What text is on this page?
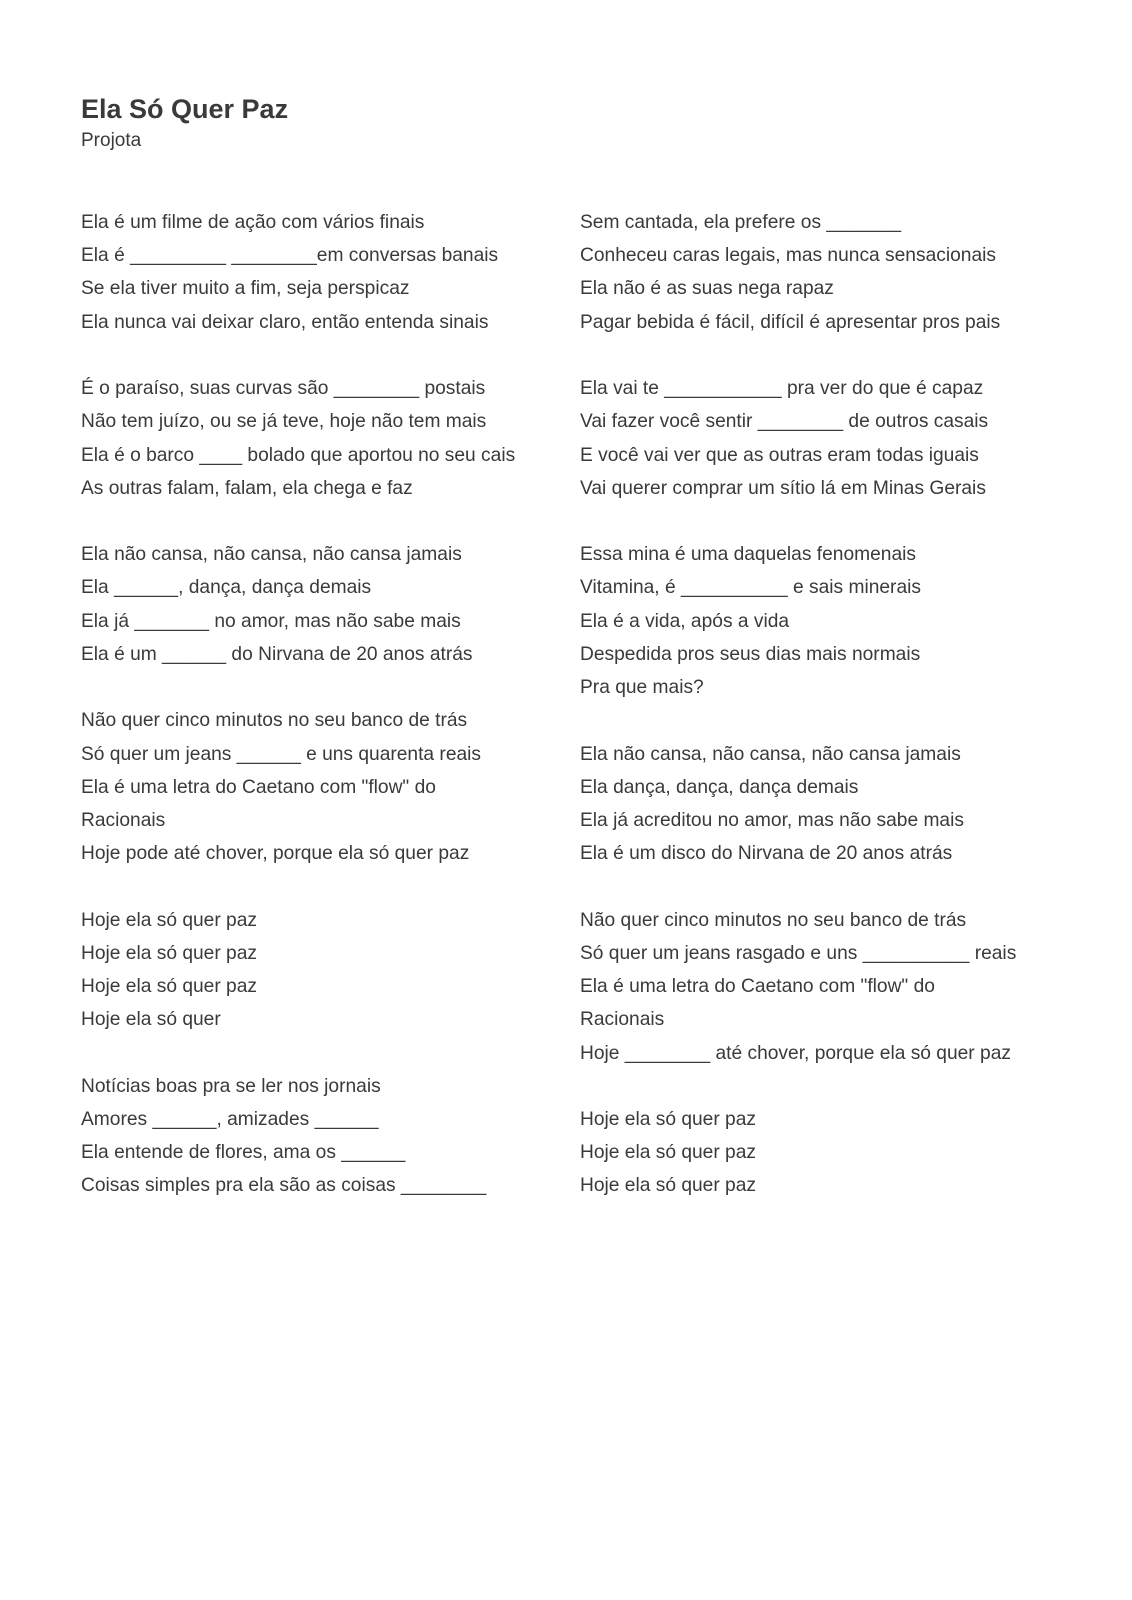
Ela Só Quer Paz
Projota
Ela é um filme de ação com vários finais
Ela é _________ ________em conversas banais
Se ela tiver muito a fim, seja perspicaz
Ela nunca vai deixar claro, então entenda sinais
É o paraíso, suas curvas são ________ postais
Não tem juízo, ou se já teve, hoje não tem mais
Ela é o barco ____ bolado que aportou no seu cais
As outras falam, falam, ela chega e faz
Ela não cansa, não cansa, não cansa jamais
Ela ______, dança, dança demais
Ela já _______ no amor, mas não sabe mais
Ela é um ______ do Nirvana de 20 anos atrás
Não quer cinco minutos no seu banco de trás
Só quer um jeans ______ e uns quarenta reais
Ela é uma letra do Caetano com "flow" do
Racionais
Hoje pode até chover, porque ela só quer paz
Hoje ela só quer paz
Hoje ela só quer paz
Hoje ela só quer paz
Hoje ela só quer
Notícias boas pra se ler nos jornais
Amores ______, amizades ______
Ela entende de flores, ama os ______
Coisas simples pra ela são as coisas ________
Sem cantada, ela prefere os _______
Conheceu caras legais, mas nunca sensacionais
Ela não é as suas nega rapaz
Pagar bebida é fácil, difícil é apresentar pros pais
Ela vai te ___________ pra ver do que é capaz
Vai fazer você sentir ________ de outros casais
E você vai ver que as outras eram todas iguais
Vai querer comprar um sítio lá em Minas Gerais
Essa mina é uma daquelas fenomenais
Vitamina, é __________ e sais minerais
Ela é a vida, após a vida
Despedida pros seus dias mais normais
Pra que mais?
Ela não cansa, não cansa, não cansa jamais
Ela dança, dança, dança demais
Ela já acreditou no amor, mas não sabe mais
Ela é um disco do Nirvana de 20 anos atrás
Não quer cinco minutos no seu banco de trás
Só quer um jeans rasgado e uns __________ reais
Ela é uma letra do Caetano com "flow" do
Racionais
Hoje ________ até chover, porque ela só quer paz
Hoje ela só quer paz
Hoje ela só quer paz
Hoje ela só quer paz
